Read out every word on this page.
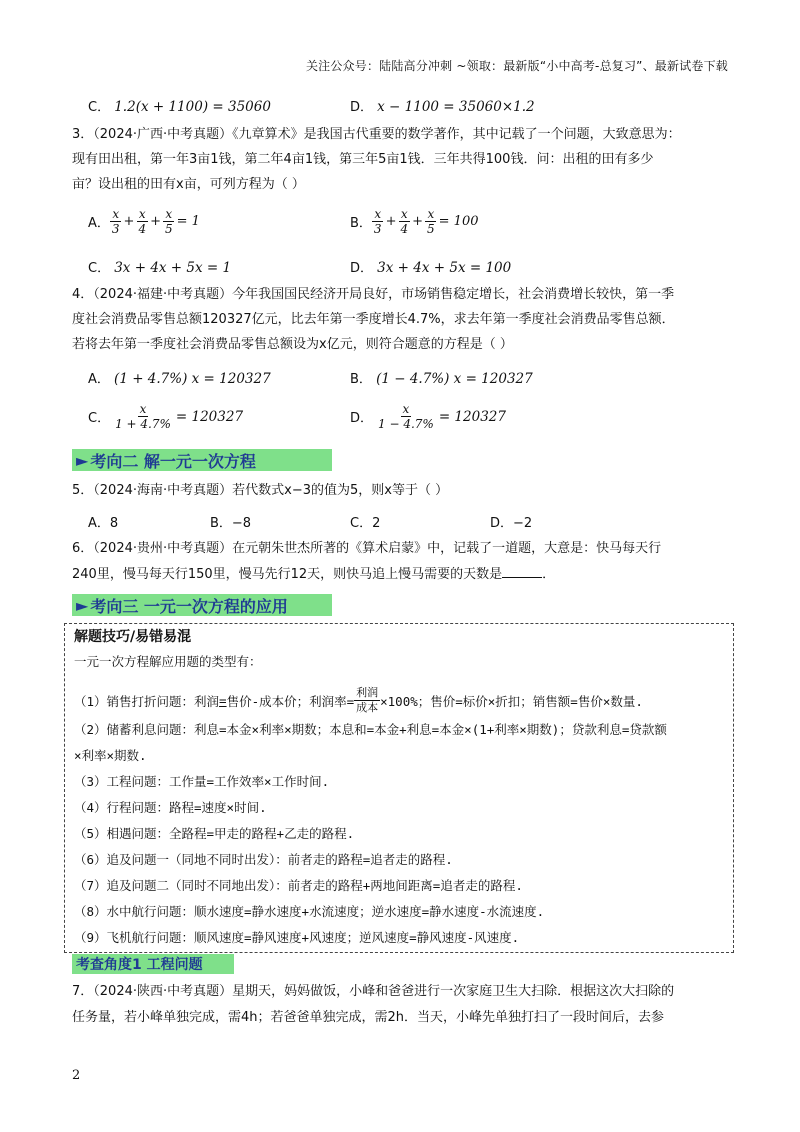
关注公众号：陆陆高分冲刺 ~领取：最新版“小中高考-总复习”、最新试卷下载
C． 1.2(x + 1100) = 35060	D． x − 1100 = 35060×1.2
3．（2024·广西·中考真题）《九章算术》是我国古代重要的数学著作，其中记载了一个问题，大致意思为：
现有田出租，第一年3亩1钱，第二年4亩1钱，第三年5亩1钱．三年共得100钱．问：出租的田有多少
亩？设出租的田有x亩，可列方程为（ ）
A． $\frac{x}{3} + \frac{x}{4} + \frac{x}{5} = 1$	B． $\frac{x}{3} + \frac{x}{4} + \frac{x}{5} = 100$
C． 3x + 4x + 5x = 1	D． 3x + 4x + 5x = 100
4．（2024·福建·中考真题）今年我国国民经济开局良好，市场销售稳定增长，社会消费增长较快，第一季
度社会消费品零售总额120327亿元，比去年第一季度增长4.7%，求去年第一季度社会消费品零售总额．
若将去年第一季度社会消费品零售总额设为x亿元，则符合题意的方程是（ ）
A． (1 + 4.7%) x = 120327	B． (1 − 4.7%) x = 120327
C． $\frac{x}{1 + 4.7\%} = 120327$	D． $\frac{x}{1 - 4.7\%} = 120327$
► 考向二 解一元一次方程
5．（2024·海南·中考真题）若代数式x−3的值为5，则x等于（ ）
A．8	B．−8	C．2	D．−2
6．（2024·贵州·中考真题）在元朝朱世杰所著的《算术启蒙》中，记载了一道题，大意是：快马每天行
240里，慢马每天行150里，慢马先行12天，则快马追上慢马需要的天数是	．
► 考向三 一元一次方程的应用
解题技巧/易错易混
一元一次方程解应用题的类型有：
（1）销售打折问题：利润 = 售价-成本价；利润率= $\frac{\text{利润}}{\text{成本}} \times 100\%$；售价=标价×折扣；销售额=售价×数量.
（2）储蓄利息问题：利息=本金×利率×期数；本息和=本金+利息=本金×(1+利率×期数)；贷款利息=贷款额
×利率×期数.
（3）工程问题：工作量=工作效率×工作时间.
（4）行程问题：路程=速度×时间.
（5）相遇问题：全路程=甲走的路程+乙走的路程.
（6）追及问题一（同地不同时出发）：前者走的路程=追者走的路程.
（7）追及问题二（同时不同地出发）：前者走的路程+两地间距离=追者走的路程.
（8）水中航行问题：顺水速度=静水速度+水流速度；逆水速度=静水速度-水流速度.
（9）飞机航行问题：顺风速度=静风速度+风速度；逆风速度=静风速度-风速度.
考查角度1 工程问题
7．（2024·陕西·中考真题）星期天，妈妈做饭，小峰和爸爸进行一次家庭卫生大扫除．根据这次大扫除的
任务量，若小峰单独完成，需4h；若爸爸单独完成，需2h．当天，小峰先单独打扫了一段时间后，去参
2
